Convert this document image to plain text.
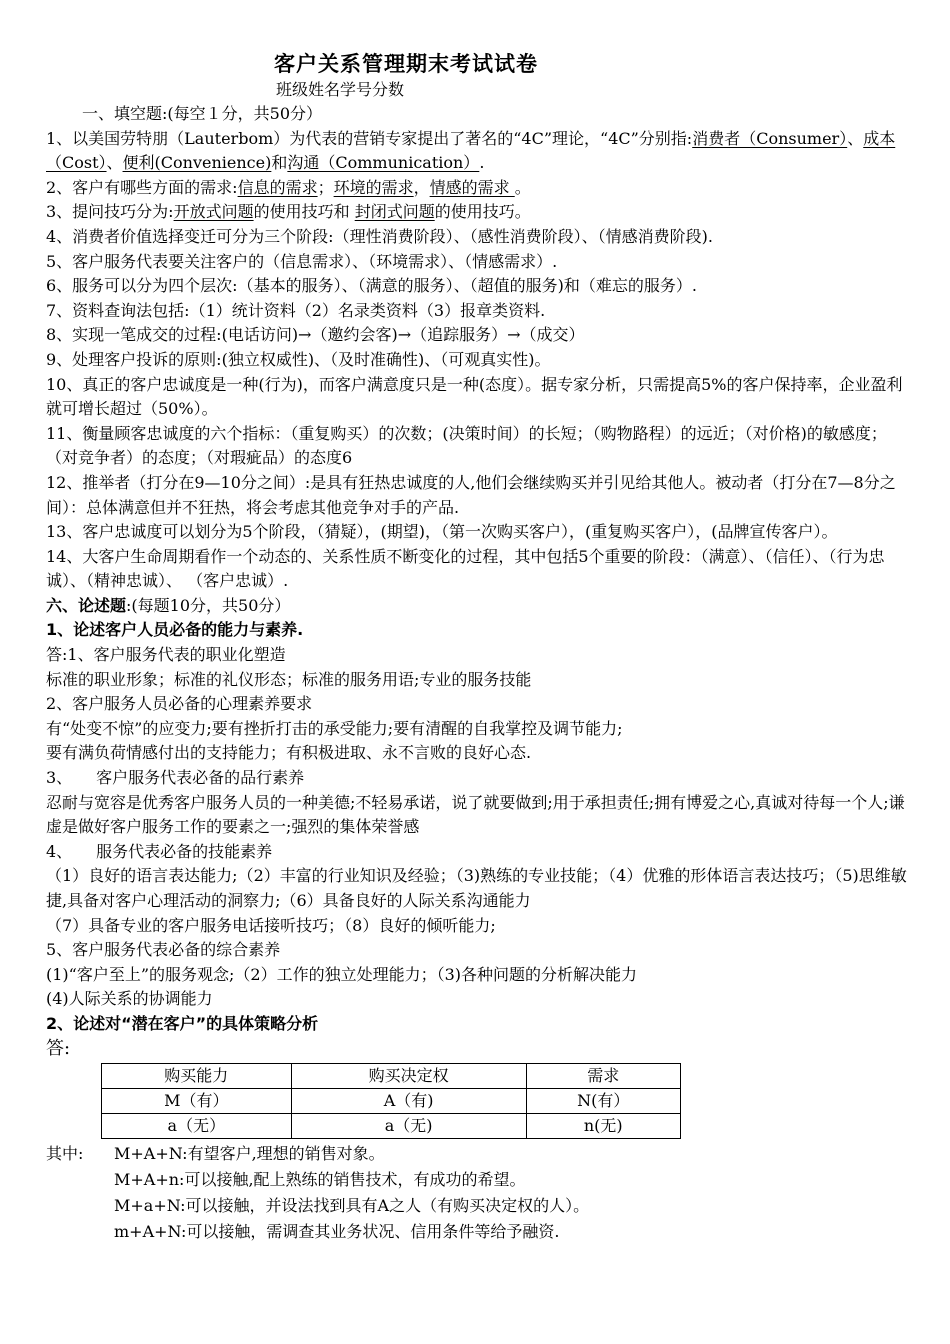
客户关系管理期末考试试卷
班级姓名学号分数
一、填空题:(每空１分，共50分）
1、以美国劳特朋（Lauterbom）为代表的营销专家提出了著名的“4C”理论，“4C”分别指:消费者（Consumer）、成本（Cost）、便利(Convenience)和沟通（Communication）.
2、客户有哪些方面的需求:信息的需求；环境的需求，情感的需求 。
3、提问技巧分为:开放式问题的使用技巧和 封闭式问题的使用技巧。
4、消费者价值选择变迁可分为三个阶段:（理性消费阶段）、（感性消费阶段）、（情感消费阶段).
5、客户服务代表要关注客户的（信息需求）、（环境需求）、（情感需求）.
6、服务可以分为四个层次:（基本的服务）、（满意的服务）、（超值的服务)和（难忘的服务）.
7、资料查询法包括:（1）统计资料（2）名录类资料（3）报章类资料.
8、实现一笔成交的过程:(电话访问)→（邀约会客)→（追踪服务）→（成交）
9、处理客户投诉的原则:(独立权威性)、（及时准确性)、（可观真实性)。
10、真正的客户忠诚度是一种(行为)，而客户满意度只是一种(态度）。据专家分析，只需提高5%的客户保持率，企业盈利就可增长超过（50%）。
11、衡量顾客忠诚度的六个指标：（重复购买）的次数；(决策时间）的长短；（购物路程）的远近；（对价格)的敏感度；（对竞争者）的态度；（对瑕疵品）的态度6
12、推举者（打分在9—10分之间）:是具有狂热忠诚度的人,他们会继续购买并引见给其他人。被动者（打分在7—8分之间）：总体满意但并不狂热，将会考虑其他竞争对手的产品.
13、客户忠诚度可以划分为5个阶段，（猜疑），(期望)，（第一次购买客户），(重复购买客户），(品牌宣传客户）。
14、大客户生命周期看作一个动态的、关系性质不断变化的过程，其中包括5个重要的阶段：（满意）、（信任）、（行为忠诚）、（精神忠诚）、 （客户忠诚）.
六、论述题:(每题10分，共50分）
1、论述客户人员必备的能力与素养.
答:1、客户服务代表的职业化塑造
标准的职业形象；标准的礼仪形态；标准的服务用语;专业的服务技能
2、客户服务人员必备的心理素养要求
有“处变不惊”的应变力;要有挫折打击的承受能力;要有清醒的自我掌控及调节能力;
要有满负荷情感付出的支持能力；有积极进取、永不言败的良好心态.
3、　　客户服务代表必备的品行素养
忍耐与宽容是优秀客户服务人员的一种美德;不轻易承诺，说了就要做到;用于承担责任;拥有博爱之心,真诚对待每一个人;谦虚是做好客户服务工作的要素之一;强烈的集体荣誉感
4、　　服务代表必备的技能素养
（1）良好的语言表达能力;（2）丰富的行业知识及经验；（3)熟练的专业技能；（4）优雅的形体语言表达技巧；（5)思维敏捷,具备对客户心理活动的洞察力;（6）具备良好的人际关系沟通能力
（7）具备专业的客户服务电话接听技巧；（8）良好的倾听能力;
5、客户服务代表必备的综合素养
(1)“客户至上”的服务观念;（2）工作的独立处理能力；（3)各种问题的分析解决能力
(4)人际关系的协调能力
2、论述对“潜在客户”的具体策略分析
答:
购买能力	购买决定权	需求
M（有）	A（有)	N(有）
a（无）	a（无)	n(无)
其中:	M+A+N:有望客户,理想的销售对象。
M+A+n:可以接触,配上熟练的销售技术，有成功的希望。
M+a+N:可以接触，并设法找到具有A之人（有购买决定权的人）。
m+A+N:可以接触，需调查其业务状况、信用条件等给予融资.
